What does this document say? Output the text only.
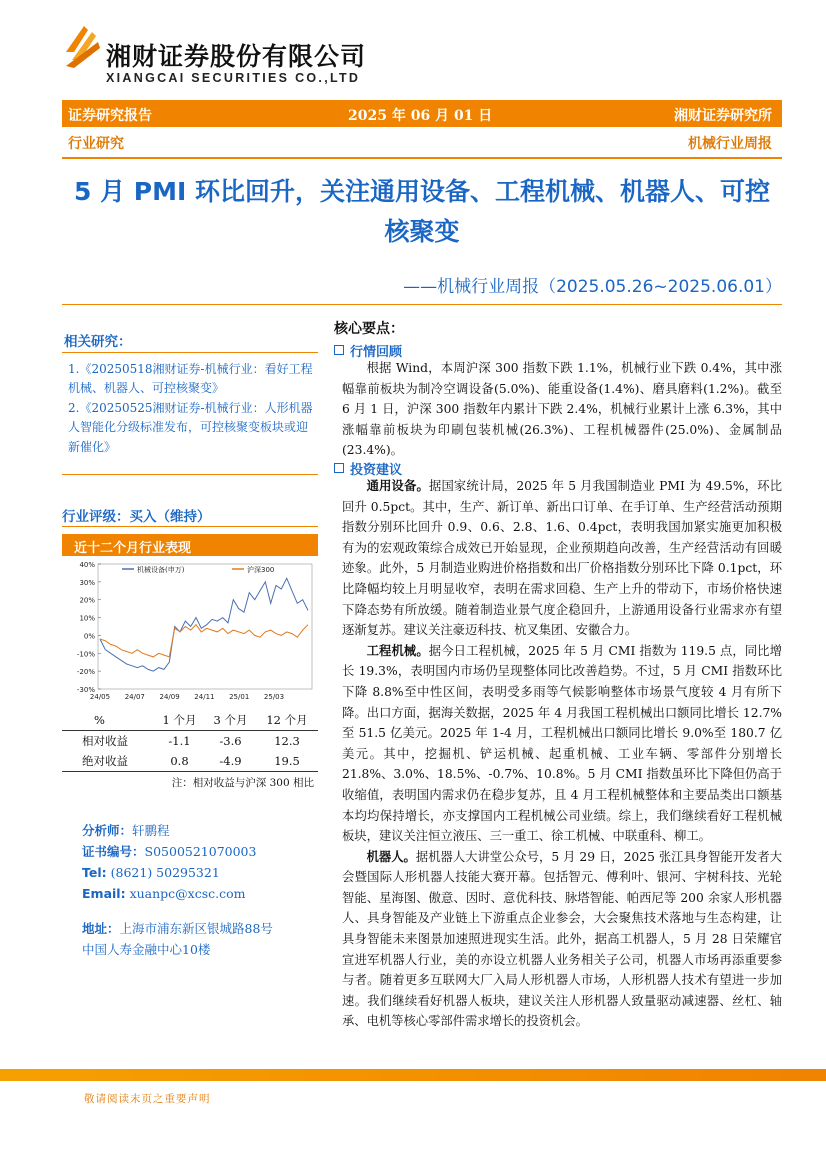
湘财证券股份有限公司
XIANGCAI SECURITIES CO.,LTD
证券研究报告	2025 年 06 月 01 日	湘财证券研究所
行业研究	机械行业周报
5 月 PMI 环比回升，关注通用设备、工程机械、机器人、可控核聚变
——机械行业周报（2025.05.26~2025.06.01）
相关研究：

1.《20250518湘财证券-机械行业：看好工程机械、机器人、可控核聚变》

2.《20250525湘财证券-机械行业：人形机器人智能化分级标准发布，可控核聚变板块或迎新催化》

行业评级：买入（维持）
近十二个月行业表现
40%
30%
20%
10%
0%
-10%
-20%
-30%
24/05 24/07 24/09 24/11 25/01 25/03
机械设备(申万)	沪深300
%	1 个月	3 个月	12 个月
相对收益	-1.1	-3.6	12.3
绝对收益	0.8	-4.9	19.5
注：相对收益与沪深 300 相比
分析师：轩鹏程
证书编号：S0500521070003
Tel: (8621) 50295321
Email: xuanpc@xcsc.com
地址：上海市浦东新区银城路88号
中国人寿金融中心10楼
核心要点：
行情回顾

根据 Wind，本周沪深 300 指数下跌 1.1%，机械行业下跌 0.4%，其中涨幅靠前板块为制冷空调设备(5.0%)、能重设备(1.4%)、磨具磨料(1.2%)。截至 6 月 1 日，沪深 300 指数年内累计下跌 2.4%，机械行业累计上涨 6.3%，其中涨幅靠前板块为印刷包装机械(26.3%)、工程机械器件(25.0%)、金属制品(23.4%)。

投资建议

通用设备。据国家统计局，2025 年 5 月我国制造业 PMI 为 49.5%，环比回升 0.5pct。其中，生产、新订单、新出口订单、在手订单、生产经营活动预期指数分别环比回升 0.9、0.6、2.8、1.6、0.4pct，表明我国加紧实施更加积极有为的宏观政策综合成效已开始显现，企业预期趋向改善，生产经营活动有回暖迹象。此外，5 月制造业购进价格指数和出厂价格指数分别环比下降 0.1pct，环比降幅均较上月明显收窄，表明在需求回稳、生产上升的带动下，市场价格快速下降态势有所放缓。随着制造业景气度企稳回升，上游通用设备行业需求亦有望逐渐复苏。建议关注豪迈科技、杭叉集团、安徽合力。

工程机械。据今日工程机械，2025 年 5 月 CMI 指数为 119.5 点，同比增长 19.3%，表明国内市场仍呈现整体同比改善趋势。不过，5 月 CMI 指数环比下降 8.8%至中性区间，表明受多雨等气候影响整体市场景气度较 4 月有所下降。出口方面，据海关数据，2025 年 4 月我国工程机械出口额同比增长 12.7%至 51.5 亿美元。2025 年 1-4 月，工程机械出口额同比增长 9.0%至 180.7 亿美元。其中，挖掘机、铲运机械、起重机械、工业车辆、零部件分别增长 21.8%、3.0%、18.5%、-0.7%、10.8%。5 月 CMI 指数虽环比下降但仍高于收缩值，表明国内需求仍在稳步复苏，且 4 月工程机械整体和主要品类出口额基本均均保持增长，亦支撑国内工程机械公司业绩。综上，我们继续看好工程机械板块，建议关注恒立液压、三一重工、徐工机械、中联重科、柳工。

机器人。据机器人大讲堂公众号，5 月 29 日，2025 张江具身智能开发者大会暨国际人形机器人技能大赛开幕。包括智元、傅利叶、银河、宇树科技、光轮智能、星海图、傲意、因时、意优科技、脉塔智能、帕西尼等 200 余家人形机器人、具身智能及产业链上下游重点企业参会，大会聚焦技术落地与生态构建，让具身智能未来图景加速照进现实生活。此外，据高工机器人，5 月 28 日荣耀官宣进军机器人行业，美的亦设立机器人业务相关子公司，机器人市场再添重要参与者。随着更多互联网大厂入局人形机器人市场，人形机器人技术有望进一步加速。我们继续看好机器人板块，建议关注人形机器人致量驱动减速器、丝杠、轴承、电机等核心零部件需求增长的投资机会。

敬请阅读末页之重要声明
